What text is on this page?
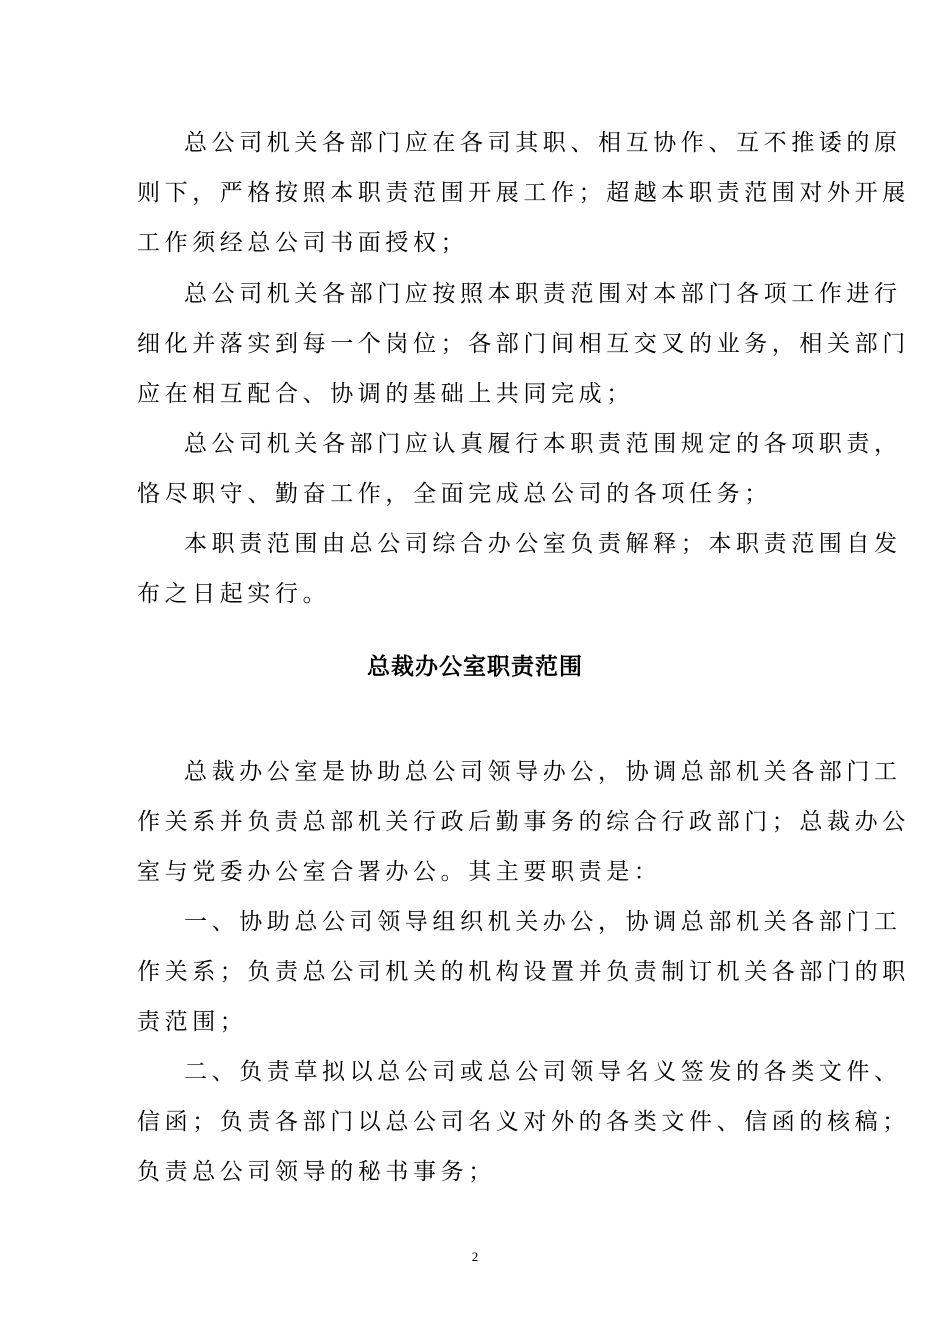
总公司机关各部门应在各司其职、相互协作、互不推诿的原
则下，严格按照本职责范围开展工作；超越本职责范围对外开展
工作须经总公司书面授权；
总公司机关各部门应按照本职责范围对本部门各项工作进行
细化并落实到每一个岗位；各部门间相互交叉的业务，相关部门
应在相互配合、协调的基础上共同完成；
总公司机关各部门应认真履行本职责范围规定的各项职责，
恪尽职守、勤奋工作，全面完成总公司的各项任务；
本职责范围由总公司综合办公室负责解释；本职责范围自发
布之日起实行。
总裁办公室职责范围
总裁办公室是协助总公司领导办公，协调总部机关各部门工
作关系并负责总部机关行政后勤事务的综合行政部门；总裁办公
室与党委办公室合署办公。其主要职责是：
一、协助总公司领导组织机关办公，协调总部机关各部门工
作关系；负责总公司机关的机构设置并负责制订机关各部门的职
责范围；
二、负责草拟以总公司或总公司领导名义签发的各类文件、
信函；负责各部门以总公司名义对外的各类文件、信函的核稿；
负责总公司领导的秘书事务；
2
